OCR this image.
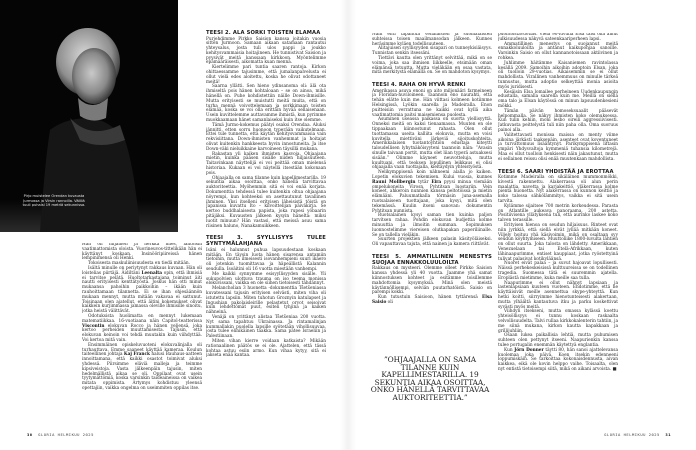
Pirjo muistelee Orendan kuvausta Jurmossa ja Virsin rannoilla. Välillä tuuli puhalsi 19 metriä sekunnissa.

Hän oli hiljainen ja herkkä mies, lähtöisin vaatimattomista oloista. Vuorineuvos-tittelikään hän ei käyttänyt koskaan. Insinööripiireissä hänen lempinimensä oli Henki.

Tokoisesta maskuliinisuudesta en tiedä mitään.

Isältä minulle on periytynyt rakkaus kuvaan. Hän oli loistelias piirtäjä. Äidiltäni Leenalta opin, että ihmisiä ei tarvitse pelätä. Huoltotarkastajana toiminut äiti nautti erityisesti kenttätyöstä. Joskus hän otti minut mukaansa pahoihin paikkoihin – ikään kuin rauhoittamaan tilannetta. Ei se ihan ohjesäännön mukaan mennyt, mutta mitään vakavaa ei sattunut. Toisinaan olen ajatellut, että äitini kokemukset olivat kaikkein kurjimmassa jamassa oleville ihmisille sinoitu, jotka heistä välittävät.

Odotuksista huolimatta en mennyt lukemaan matematiikkaa. 16-vuotiaana näin Capitol-teatterissa Viscontin elokuvan Rocco ja hänen veljensä, joka kertoo perheiden muuttamisesta. Tajusin, että elokuvan keinoin voi tehdä muutakin kuin viihdyttää. Voi kertoa mitä vain.

Ensimmäinen opiskeluvuoteni elokuvalinjalla oli turhauttava. Emme saaneet käyttää kameraa. Koulun taiteellinen johtaja Kaj Franck halusi Bauhaus-aatteen innoittamana, että kaikki osastot toimivat aluksi yhdessä. Piirsimme eläviä malleja ja teimme kipsiveistoja. Vasta jälkeenpäin tajusin, miten hedelmällistä aikaa se oli. Oppilaat ovat usein tyytymättömiä, koska varsinkin taideaineissa on vaikea mitata oppimista. Ärtymys kohdistuu yleensä opettajiin, vaikka ongelma on useimmiten oppilas itse.

TEESI 2. ÄLÄ SORKI TOISTEN ELÄMÄÄ

Purjehdimme Pirkko Saision kanssa joitakin vuosia sitten Jurmoon. Samaan aikaan satamaan rantautui yhteysalus, josta tuli ulos pappi ja joukko kehitysvammaisia hoitajineen. He tunnistivat Saision ja pyysivät meitä kanssaan kirkkoon. Myöntelimme epämääräisesti, aikomatta kuan mennä.

Kiertelimme pari tuntia saaren rantoja. Kirkon ohittaessamme tajusimme, että jumalanpalvelusta ei ollut vielä edes aloitettu, koska he olivat odottaneet meitä!

Saarna yllätti. Sen hieno ydinsanoma oli: älä ota ihmiseltä pois hänen kohtaloaan – se on ainoa, mikä hänellä on. Puhe kohdistettiin näille Down-ihmisille. Mutta erityisesti se muistutti meitä muita, että on turha mennä voivottelemaan ja sorkkimaan toisten elämää, koska se voi olla erittäin hyvää sellaisenaan. Usein kuvittelemme auttavamme ihmistä, kun pyrimme muokkaamaan hänet samanlaiseksi kuin itse olemme.

Tämä Jurmo-kokemus päätyi osaksi Orendaa. Aluksi jännitti, etten sorru huonoon typerään vaikutelmaan. Ettei tule tunnetta, että käytän kehitysvammaisia vain rekvisiittana. Down-ihmisten vanhemmat ja hoitajat olivat kuitenkin hankkeesta hyvin innostuneita. Ja itse Down-väki nieluikkaine karvoineen täysillä mukana.

Rakastan yli kaiken ihmisten kasvoja. Ohjaajana mietin, kuinka pääsen sisälle niiden hiljaisuuteen. Taitavinkaan näyttelijä ei voi peittää oman mielensä historiaa. Kukaan ei voi näytellä itsestään kokonaan pois.

Ohjaajalla on sama tilanne kuin kapellimestarilla. 19 sekuntia aikaa osoittaa, onko hänellä tarvittavaa auktoriteettia. Myöhemmin sitä ei voi enää korjata. Dokumenttia tehdessä tulee kuitenkin oltua ohjaajana nöyrempi, kun kohteeksi on asettautunut tavallinen ihminen. Yksi itselleni erityisen läheisistä töistä on Japanissa kuvattu Ito – kilvoittelijan päiväkirja. Se kertoo buddhalaisesta papista, joka rupesi yöbaarin pitäjäksi. Kuvausten jälkeen kysyin häneltä: miksi luotit minuun? Hän vastasi, että meissä asuu sama riisinen haluno, Nanakamuikkeen.

TEESI 3. SYYLLISYYS TULEE SYNTYMÄLAHJANA

Isäni ei halunnut puhua lapsuudestaan koskaan mitään. En täysin luota hänen sisarensa antamiin tietoihin, mutta ilmeisesti isovanhempieni suuri ikäero oli jotenkin tuomittavaa ja häpeällistä Kalannin seudulla. Isoäitini oli 16 vuotta miestään vanhempi.

Me kaikki synnymme esisyyllisyyden sisälle. Yli sukupolvien ulottuva trauma on iso teema monissa elokuvissani, vaikka en ole siihen tietoisesti tähdännyt.

Melancholian 3 huonetta -dokumenttia Tšetšeniassa kuvatessani tajusin erityisen selvästi, miten viha oli istutettu lapsiin. Miten tuhotun Groznyin katulapset ja Ingushian pakolaisleirille pelastetut orvot seisoivat kuin lehdettömät puut, esiteli tyhjinä ja kaiken nähneinä.

Venäjä on yrittänyt alistaa Tšetšeniaa 200 vuotta. Nyt sama tapahtuu Ukrainassa. Ja rintamalinjan kummallakin puolella lapsille syötetään vihollisuuvaa, josta tulee elinikäinen taakka. Sama pätee Israeliin ja Palestiinaan.

Miten vihan kierre voidaan katkaista? Mikään rationaalinen päätös se ei ole. Ajattelen, että tässä kohtaa astuu esiin armo. Kun vihaa kytyy, sitä ei jakseta enää kantaa.

30 GLORIA HELMIKUU 2025

Näin ehti tapahtua venäläisten ja suomalaisten suhteissa toisen maailmansodan jälkeen. Kunnes heräsimme kyläen todellisuuteen.

Alitajuisen syyllisyyden sisapari on tunneykisiäisyys. Tunnistan senkin itsessäni.

Tiettävi kautta olen yrittänyt selvittää, mikä on se voima, joka saa ihmisen liikkeelle, etsimään oman elämänsä totuutta. Mutta vieläkään en osaa vastata, mitä merkitystä elämällä on. Se on mahdoton kysymys.

TEESI 4. RAHA ON HYVÄ RENKI

Amerikassa asuva enoni on aito miljonääri farmeineen ja Floridan-huviloineen. Taannoin eno naurahti, että tehän elätte kuin me. Hän viittasi kolmeen kotiimme Helsingissä, Lyökin saarella ja Madeiralla. Enon puitteisiin verrattuna ne kaikki ovat kyllä aika vaatimattomia paitsi maisemiensa puolesta.

Asuminen useassa paikassa on suorta ylellisyyttä. Onneksi meitä on kaksi tienaamassa. Muuten en ole tippaakaan kiinnostunut rahasta. Olen ollut tuottamassa useita kalliita elokuvia, mutta en voisi kuvitella miettiväni järkeviä sijoituskohteita. Amerikkalaisen tuotantoyhtiön edustaja kiteytti taloudellisen lyhytnäköisyyteni taannoin näin: ”Avasin sinulle taivaan portit, mutta olet liian typerä astuaksesi sisään.” Olimme käyneet neuvotteluja, mutta kuultuani, että teoksen lopullinen leikkaus ei olisi ohjaajalla vaan tuottajalla, kieltäydyin yhteistyöstä.

Nelikymppisenä koin nähneeni alalla jo kaiken. Lopetin elokuvien tekemisen. Kului vuosia, kunnes Rauni Mollbergin tytär Eira pyysi minua viemään ompelukoneita Virosn, Pyhtitsan luostariin. Vein koneet, ahkeroin nunnien kanssa peltotöissä ja mietin elämääni. Paluumatkalla törmäsin juna-asemalla ruotsalaiseen tuottajaan, joka kysyi, mitä olen tekemässä. Kuulin itseni sanovan: dokumentin Pyhtitsan nunnista.

Ruotsalainen kysyi saman tien kuinka paljon tarvitsen rahaa. Pohdin elokuvan budjettia kolme minuuttia ja ilmoitin summan. Sopimuksen luonnostelimme viereisen olutkapakan paperiliinalle. Se on tallella vieläkin.

Suurten projektien jälkeen palasin käsityöläiseksi. Oli vapauttavaa tajuta, että nainen ja kamera riittävät.

TEESI 5. AMMATILLINEN MENESTYS SUOJAA ENNAKKOLUULOILTA

Rakkaus on mysteeri. Olemme olleet Pirkko Saision kanssa yhdessä yli 40 vuotta. Jaamme yhä samat kiinnostuksen kohteet ja esitämme toisillemme mahdottomia kysymyksiä. Minä olen meistä käytännöllisempi, selviän puutarhatöistä. Saisio on parempi kokki.

Kun tutustuin Saisioon, hänen tyttärensä Elsa Saisio oli

puolitoistavuotias. Vielä 90-luvulla Elsa taisi olla ainut julkisuudessa näkyvä sateenkaariperheen lapsi.

Ammatillinen menestys on suojannut meitä ennakkoluuloilta ja antanut kaikupohjaa sanoille. Varsinkin Saisio on ollut kannanotoissaan aktiivinen ja rohkea.

Juhlimme häitämme Kaisaniemen ravintolassa kesällä 2009. Samoihin aikoihin adoptoin Elsan, joka oli tuolloin 29-vuotias. Aikaisemmin se ei ollut mahdollista. Virallinen vanhemmuus on minulle tärkeä tunnustus, mutta adoptio selkeyttää monia asioita myös juridisesti.

Kesäisin Elsa lomailee perheineen Uudenkaupungin edustalla, samalla saarella kuin me. Meillä on siellä oma talo ja Elsan käytössä on minun lapsuudenkesieni mökki.

Tämän päivän homoseksuaalit pääsevät helpommalla. Se näkyy ihmisten koko olemuksessa. Kun tulin kehiin, moni lesbo oireili aggressiivisesti. Jatkuvasta peittelystä tuli niin paha olla. Oma suoruus painoi alla.

Valitettavasti monissa maissa on menty viime aikoina järkästi taaksepäin, asenteet ovat koventuneet ja turvattomuus lisääntynyt. Parikymppisenä liftasin ympäri Yhdysvaltoja kymmeniä tuhansia kilometrejä. Maa ei ollut tuolloin henkisesti näin jakautunut, mutta ei sellainen reissu olisi enää muutenkaan mahdollista.

TEESI 6. SAARI YHDISTÄÄ JA EROTTAA

Kotimme Madeiralla on sikäläinen mummonmökki, kivestä rakennettu. Alakerrassa oli alun perin maalattia, navetta ja karjakeittiö, yläkerrassa kolme pientä huonetta. Nyt alakerrassa on kunnon keittiö ja koko talossa sähkölämmitys, vaikka ei sitä usein tarvita.

Kylämme sijaitsee 700 metrin korkeudessa. Parasta on Atlantille aukeava panoraama, 200 astetta. Positiivisena yllätyksenä tuli, että aurinko laskee koko talven terassille.

Erityisen hienoa on seudun hiljaisuus. Rinteet ovat niin jyrkkiä, että siellä eivät jyllää mitkään koneet. Viljely hoituu yhä käsivoimin, mikä on osaltaan syy seudun köyhtymiseen. Muuttoliike 1800-luvulta lähtien on ollut suurta. Joka talosta on lähdetty. Amerikkaan, Venezuelaan tai Etelä-Afrikkaan, kuten lähinaapurimme, entiset kauppiaat, jotka ryöstettyinä tulivat palasivat kotikyläänsä.

Nuoret eivät palaa – ja suvut hajoavat lopullisesti. Näissä perhekeskeisissä kulttuureissa se on todellinen tragedia. Suomessa tätä ei suuremmin ajatella. Eroplästä mietimme, kuka meille saa tulla.

Naapurimme ei ollut nähnyt lapsiaan ja lastenlapsiaan kuuteen vuoteen. Ehdotimme, että he käyttäisivät meille asennettua skype-yhteyttä. Kun hetki koitti, siirryimme hienotunteisesti alakertaan, mutta ylhäältä kantautuva itku ja parku koskettivat syvästi myös meitä.

Viihdyn itsekseni, mutta omassa kylässä koettu yhteisöllisyys ei tunnu koskaan raskaalta velvollisuudelta. Talvi rullaa kirkkokalenterin tahtiin, ja me siinä mukana, kirkon kautta kapakkaan ja grillijuhliin.

Osaan lukea paikallisia lehtiä, mutta puhumisen suhteen olen pettynyt itseeni. Naapurienkin kanssa tulee portugalin enemmän käytettyä englantia.

Kun Jörn Donner täytti 80, hän sanoi ajattelevansa kuolemaa joka päivä. Koen itsekin edenneeni loppumiskäin. Se tarkoittaa kokonaisdennusta, aivan kaikkea, eikä ole kovin helppo vaihe. Toisaalta, olen nyt entistä tietoisempi siitä, mikä on aikani arvoista. ■

”OHJAAJALLA ON SAMA TILANNE KUIN KAPELLIMESTARILLA. 19 SEKUNTIA AIKAA OSOITTAA, ONKO HÄNELLÄ TARVITTAVAA AUKTORITEETTIA.”
GLORIA HELMIKUU 2025 31
